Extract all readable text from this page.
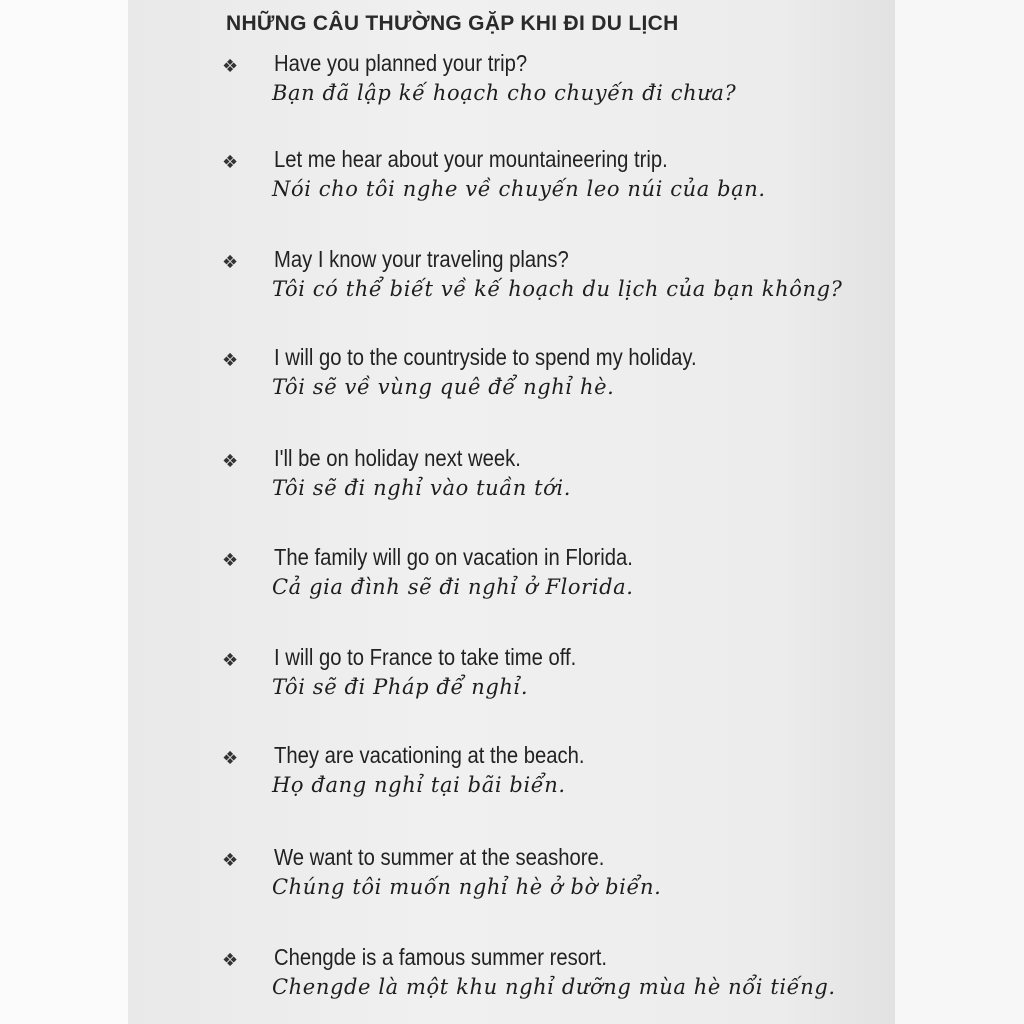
NHỮNG CÂU THƯỜNG GẶP KHI ĐI DU LỊCH
❖ Have you planned your trip?
Bạn đã lập kế hoạch cho chuyến đi chưa?
❖ Let me hear about your mountaineering trip.
Nói cho tôi nghe về chuyến leo núi của bạn.
❖ May I know your traveling plans?
Tôi có thể biết về kế hoạch du lịch của bạn không?
❖ I will go to the countryside to spend my holiday.
Tôi sẽ về vùng quê để nghỉ hè.
❖ I'll be on holiday next week.
Tôi sẽ đi nghỉ vào tuần tới.
❖ The family will go on vacation in Florida.
Cả gia đình sẽ đi nghỉ ở Florida.
❖ I will go to France to take time off.
Tôi sẽ đi Pháp để nghỉ.
❖ They are vacationing at the beach.
Họ đang nghỉ tại bãi biển.
❖ We want to summer at the seashore.
Chúng tôi muốn nghỉ hè ở bờ biển.
❖ Chengde is a famous summer resort.
Chengde là một khu nghỉ dưỡng mùa hè nổi tiếng.
